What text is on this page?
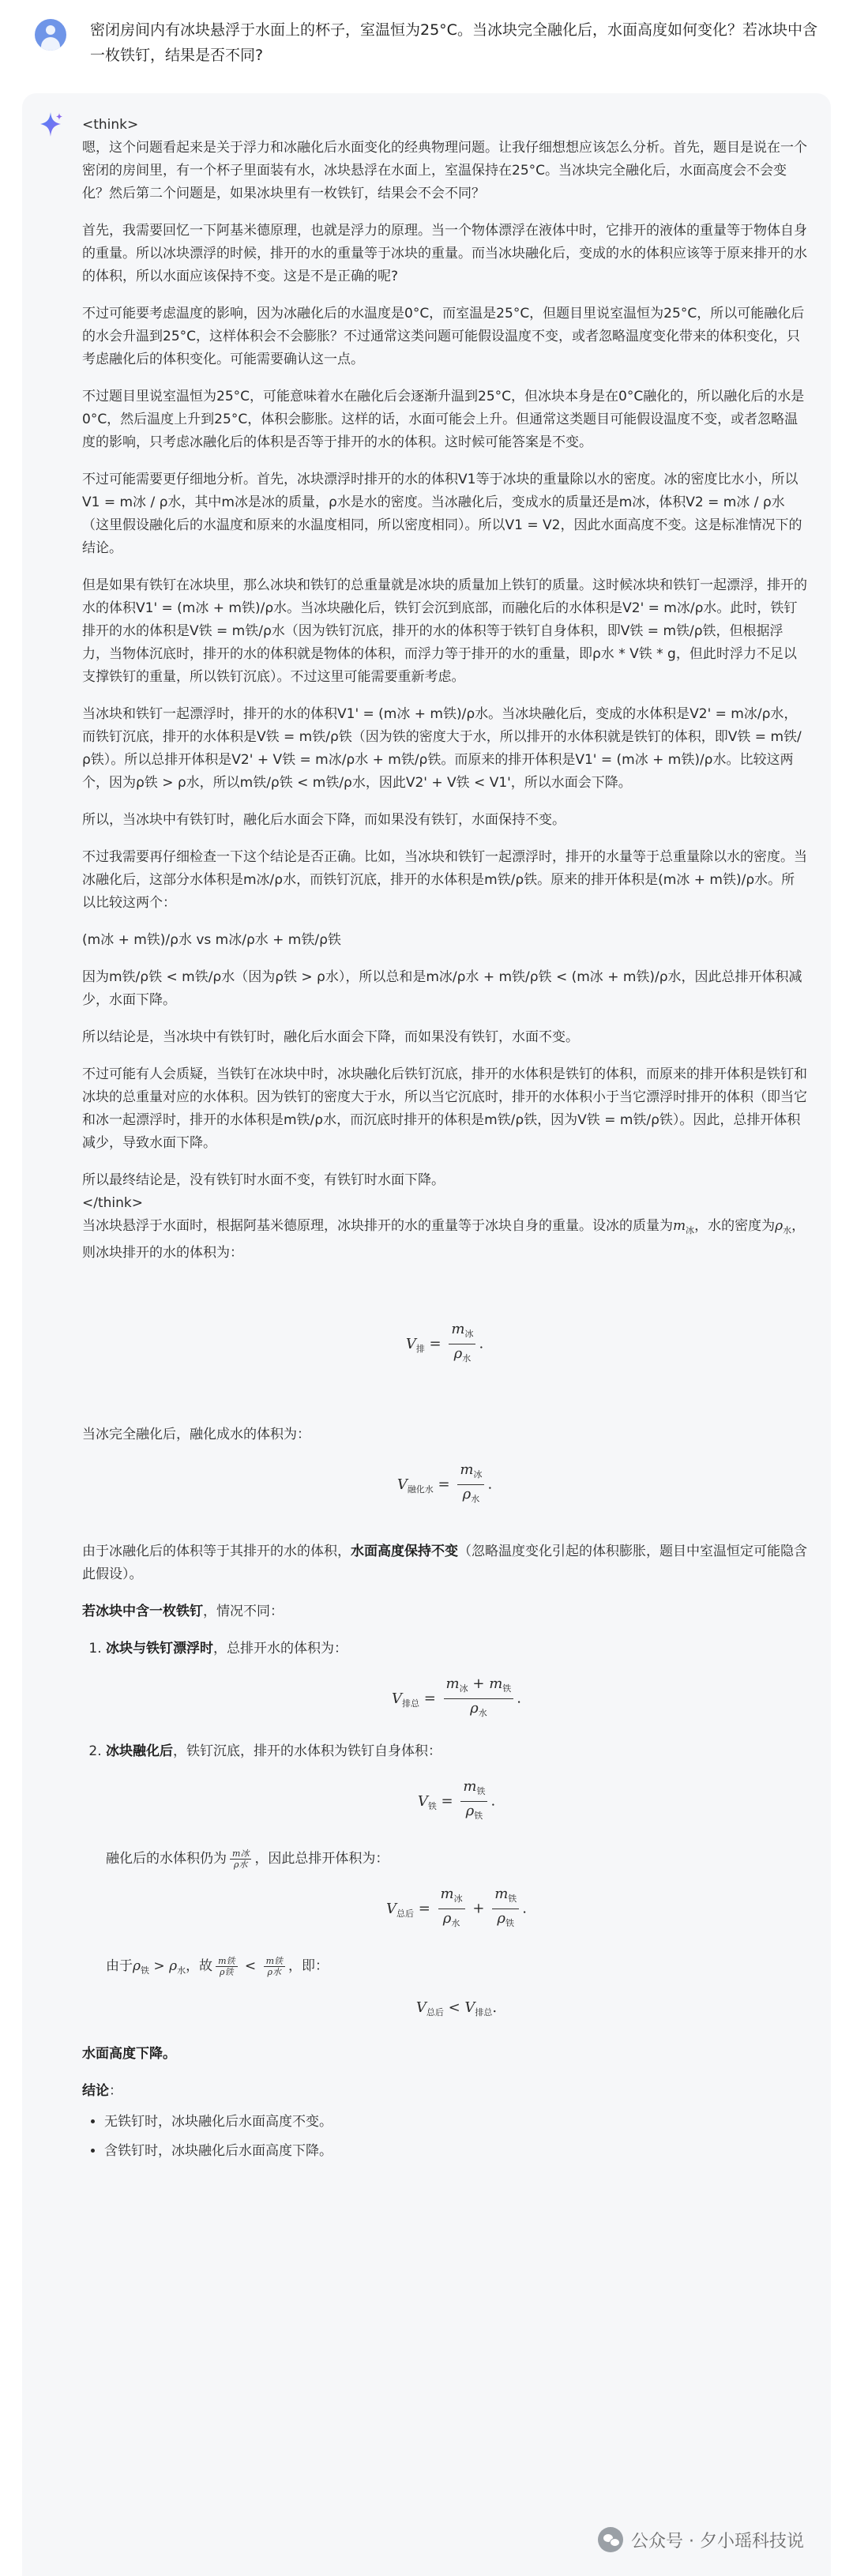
密闭房间内有冰块悬浮于水面上的杯子，室温恒为25°C。当冰块完全融化后，水面高度如何变化？若冰块中含一枚铁钉，结果是否不同?
<think>

嗯，这个问题看起来是关于浮力和冰融化后水面变化的经典物理问题。让我仔细想想应该怎么分析。首先，题目是说在一个密闭的房间里，有一个杯子里面装有水，冰块悬浮在水面上，室温保持在25°C。当冰块完全融化后，水面高度会不会变化？然后第二个问题是，如果冰块里有一枚铁钉，结果会不会不同？

首先，我需要回忆一下阿基米德原理，也就是浮力的原理。当一个物体漂浮在液体中时，它排开的液体的重量等于物体自身的重量。所以冰块漂浮的时候，排开的水的重量等于冰块的重量。而当冰块融化后，变成的水的体积应该等于原来排开的水的体积，所以水面应该保持不变。这是不是正确的呢?

不过可能要考虑温度的影响，因为冰融化后的水温度是0°C，而室温是25°C，但题目里说室温恒为25°C，所以可能融化后的水会升温到25°C，这样体积会不会膨胀？不过通常这类问题可能假设温度不变，或者忽略温度变化带来的体积变化，只考虑融化后的体积变化。可能需要确认这一点。

不过题目里说室温恒为25°C，可能意味着水在融化后会逐渐升温到25°C，但冰块本身是在0°C融化的，所以融化后的水是0°C，然后温度上升到25°C，体积会膨胀。这样的话，水面可能会上升。但通常这类题目可能假设温度不变，或者忽略温度的影响，只考虑冰融化后的体积是否等于排开的水的体积。这时候可能答案是不变。

不过可能需要更仔细地分析。首先，冰块漂浮时排开的水的体积V1等于冰块的重量除以水的密度。冰的密度比水小，所以V1 = m冰 / ρ水，其中m冰是冰的质量，ρ水是水的密度。当冰融化后，变成水的质量还是m冰，体积V2 = m冰 / ρ水（这里假设融化后的水温度和原来的水温度相同，所以密度相同）。所以V1 = V2，因此水面高度不变。这是标准情况下的结论。

但是如果有铁钉在冰块里，那么冰块和铁钉的总重量就是冰块的质量加上铁钉的质量。这时候冰块和铁钉一起漂浮，排开的水的体积V1' = (m冰 + m铁)/ρ水。当冰块融化后，铁钉会沉到底部，而融化后的水体积是V2' = m冰/ρ水。此时，铁钉排开的水的体积是V铁 = m铁/ρ水（因为铁钉沉底，排开的水的体积等于铁钉自身体积，即V铁 = m铁/ρ铁，但根据浮力，当物体沉底时，排开的水的体积就是物体的体积，而浮力等于排开的水的重量，即ρ水 * V铁 * g，但此时浮力不足以支撑铁钉的重量，所以铁钉沉底）。不过这里可能需要重新考虑。

当冰块和铁钉一起漂浮时，排开的水的体积V1' = (m冰 + m铁)/ρ水。当冰块融化后，变成的水体积是V2' = m冰/ρ水，而铁钉沉底，排开的水体积是V铁 = m铁/ρ铁（因为铁的密度大于水，所以排开的水体积就是铁钉的体积，即V铁 = m铁/ρ铁）。所以总排开体积是V2' + V铁 = m冰/ρ水 + m铁/ρ铁。而原来的排开体积是V1' = (m冰 + m铁)/ρ水。比较这两个，因为ρ铁 > ρ水，所以m铁/ρ铁 < m铁/ρ水，因此V2' + V铁 < V1'，所以水面会下降。

所以，当冰块中有铁钉时，融化后水面会下降，而如果没有铁钉，水面保持不变。

不过我需要再仔细检查一下这个结论是否正确。比如，当冰块和铁钉一起漂浮时，排开的水量等于总重量除以水的密度。当冰融化后，这部分水体积是m冰/ρ水，而铁钉沉底，排开的水体积是m铁/ρ铁。原来的排开体积是(m冰 + m铁)/ρ水。所以比较这两个：

(m冰 + m铁)/ρ水 vs m冰/ρ水 + m铁/ρ铁

因为m铁/ρ铁 < m铁/ρ水（因为ρ铁 > ρ水），所以总和是m冰/ρ水 + m铁/ρ铁 < (m冰 + m铁)/ρ水，因此总排开体积减少，水面下降。

所以结论是，当冰块中有铁钉时，融化后水面会下降，而如果没有铁钉，水面不变。

不过可能有人会质疑，当铁钉在冰块中时，冰块融化后铁钉沉底，排开的水体积是铁钉的体积，而原来的排开体积是铁钉和冰块的总重量对应的水体积。因为铁钉的密度大于水，所以当它沉底时，排开的水体积小于当它漂浮时排开的体积（即当它和冰一起漂浮时，排开的水体积是m铁/ρ水，而沉底时排开的体积是m铁/ρ铁，因为V铁 = m铁/ρ铁）。因此，总排开体积减少，导致水面下降。

所以最终结论是，没有铁钉时水面不变，有铁钉时水面下降。

</think>

当冰块悬浮于水面时，根据阿基米德原理，冰块排开的水的重量等于冰块自身的重量。设冰的质量为$m_冰$，水的密度为$\rho_水$，则冰块排开的水的体积为：

$V_排 = \frac{m_冰}{\rho_水}$ .

当冰完全融化后，融化成水的体积为：

$V_{融化水} = \frac{m_冰}{\rho_水}$ .

由于冰融化后的体积等于其排开的水的体积，水面高度保持不变（忽略温度变化引起的体积膨胀，题目中室温恒定可能隐含此假设）。

若冰块中含一枚铁钉，情况不同：

1. 冰块与铁钉漂浮时，总排开水的体积为：
$V_{排总} = \frac{m_冰 + m_铁}{\rho_水}$ .
2. 冰块融化后，铁钉沉底，排开的水体积为铁钉自身体积：
$V_铁 = \frac{m_铁}{\rho_铁}$ .

融化后的水体积仍为 $\frac{\text{m冰}}{\text{ρ水}}$ ，因此总排开体积为：

$V_{总后} = \frac{m_冰}{\rho_水} + \frac{m_铁}{\rho_铁}$ .

由于$\rho_铁 > \rho_水$，故 $\frac{\text{m铁}}{\text{ρ铁}} < \frac{\text{m铁}}{\text{ρ水}}$ ，即：

$V_{总后} < V_{排总}$.

水面高度下降。

结论：

• 无铁钉时，冰块融化后水面高度不变。
• 含铁钉时，冰块融化后水面高度下降。
公众号 · 夕小瑶科技说
